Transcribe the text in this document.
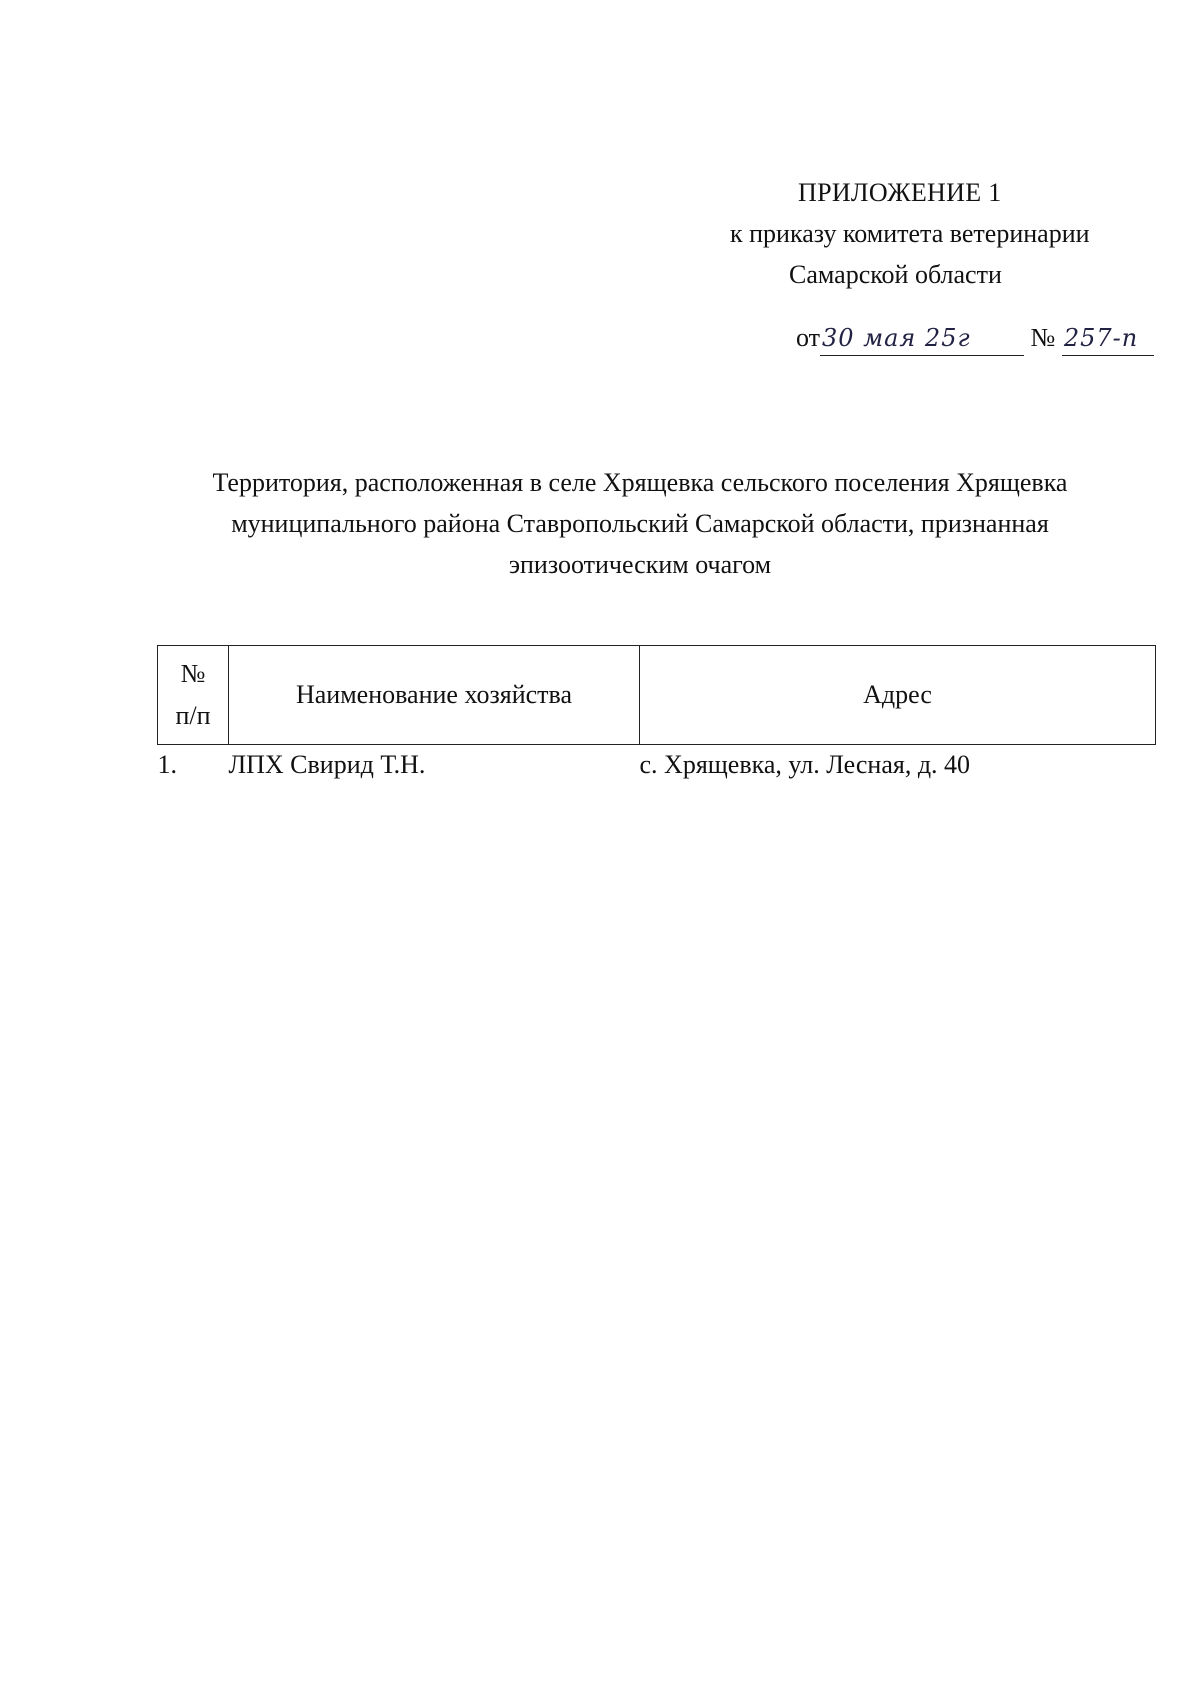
ПРИЛОЖЕНИЕ 1
к приказу комитета ветеринарии
Самарской области
от30 мая 25г № 257-п
Территория, расположенная в селе Хрящевка сельского поселения Хрящевка
муниципального района Ставропольский Самарской области, признанная
эпизоотическим очагом
№
п/п	Наименование хозяйства	Адрес
1.	ЛПХ Свирид Т.Н.	с. Хрящевка, ул. Лесная, д. 40
